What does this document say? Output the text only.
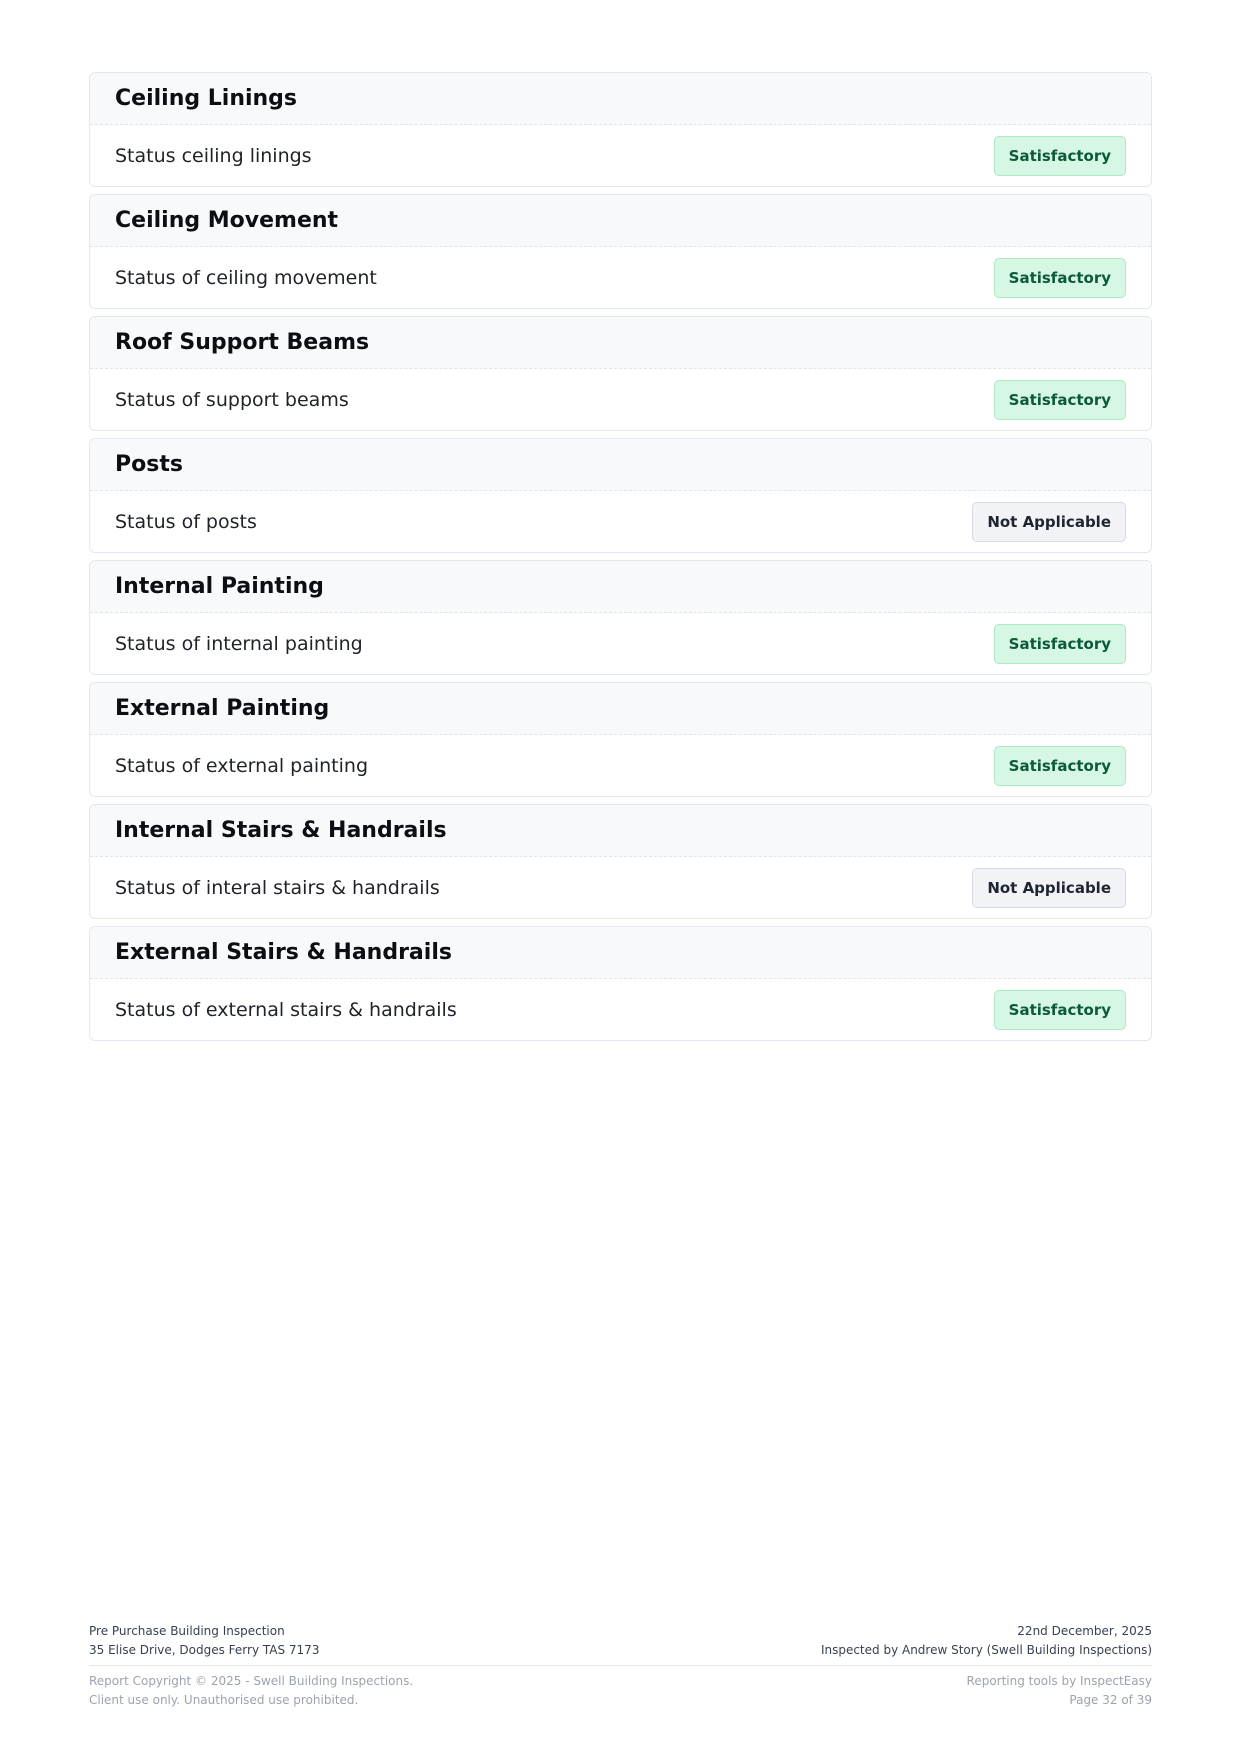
Ceiling Linings
Status ceiling linings	Satisfactory
Ceiling Movement
Status of ceiling movement	Satisfactory
Roof Support Beams
Status of support beams	Satisfactory
Posts
Status of posts	Not Applicable
Internal Painting
Status of internal painting	Satisfactory
External Painting
Status of external painting	Satisfactory
Internal Stairs & Handrails
Status of interal stairs & handrails	Not Applicable
External Stairs & Handrails
Status of external stairs & handrails	Satisfactory
Pre Purchase Building Inspection
35 Elise Drive, Dodges Ferry TAS 7173
22nd December, 2025
Inspected by Andrew Story (Swell Building Inspections)
Report Copyright © 2025 - Swell Building Inspections.
Client use only. Unauthorised use prohibited.
Reporting tools by InspectEasy
Page 32 of 39
